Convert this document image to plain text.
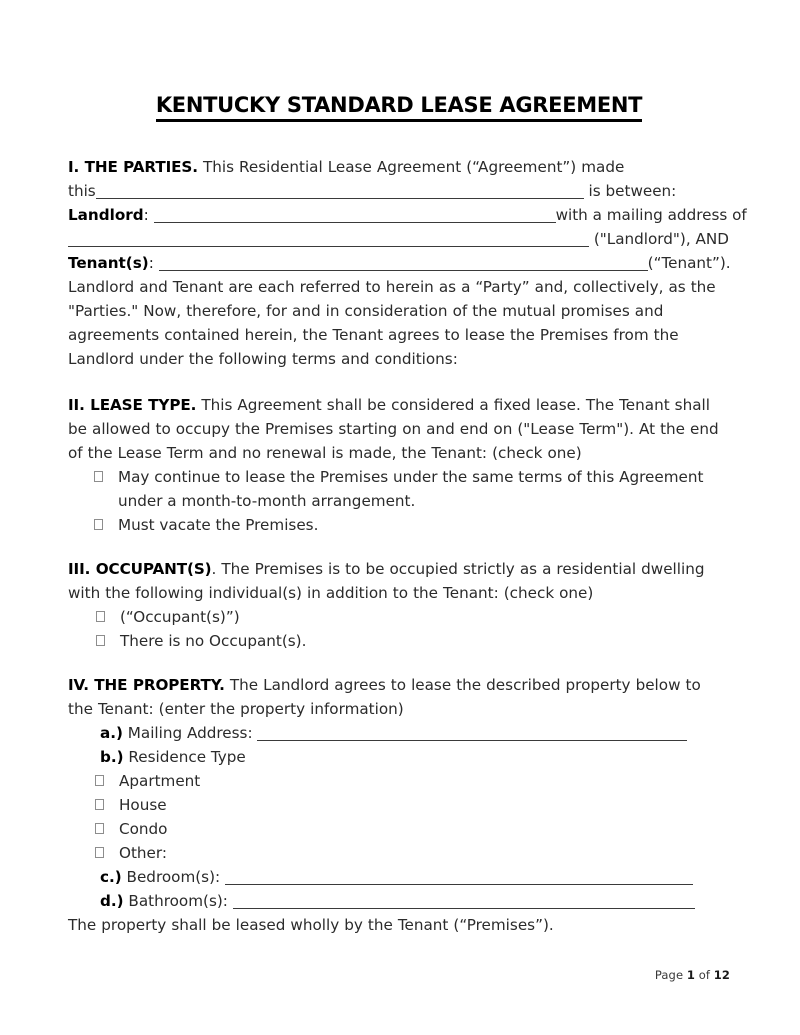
KENTUCKY STANDARD LEASE AGREEMENT

I. THE PARTIES. This Residential Lease Agreement (“Agreement”) made

this	is between:
Landlord:	with a mailing address of
("Landlord"), AND
Tenant(s):	(“Tenant”).

Landlord and Tenant are each referred to herein as a “Party” and, collectively, as the "Parties." Now, therefore, for and in consideration of the mutual promises and agreements contained herein, the Tenant agrees to lease the Premises from the Landlord under the following terms and conditions:

II. LEASE TYPE. This Agreement shall be considered a fixed lease. The Tenant shall be allowed to occupy the Premises starting on and end on ("Lease Term"). At the end of the Lease Term and no renewal is made, the Tenant: (check one)

May continue to lease the Premises under the same terms of this Agreement under a month-to-month arrangement.
Must vacate the Premises.

III. OCCUPANT(S). The Premises is to be occupied strictly as a residential dwelling with the following individual(s) in addition to the Tenant: (check one)

(“Occupant(s)”)
There is no Occupant(s).

IV. THE PROPERTY. The Landlord agrees to lease the described property below to the Tenant: (enter the property information)

a.) Mailing Address:
b.) Residence Type
Apartment
House
Condo
Other:
c.) Bedroom(s):
d.) Bathroom(s):

The property shall be leased wholly by the Tenant (“Premises”).

Page 1 of 12
